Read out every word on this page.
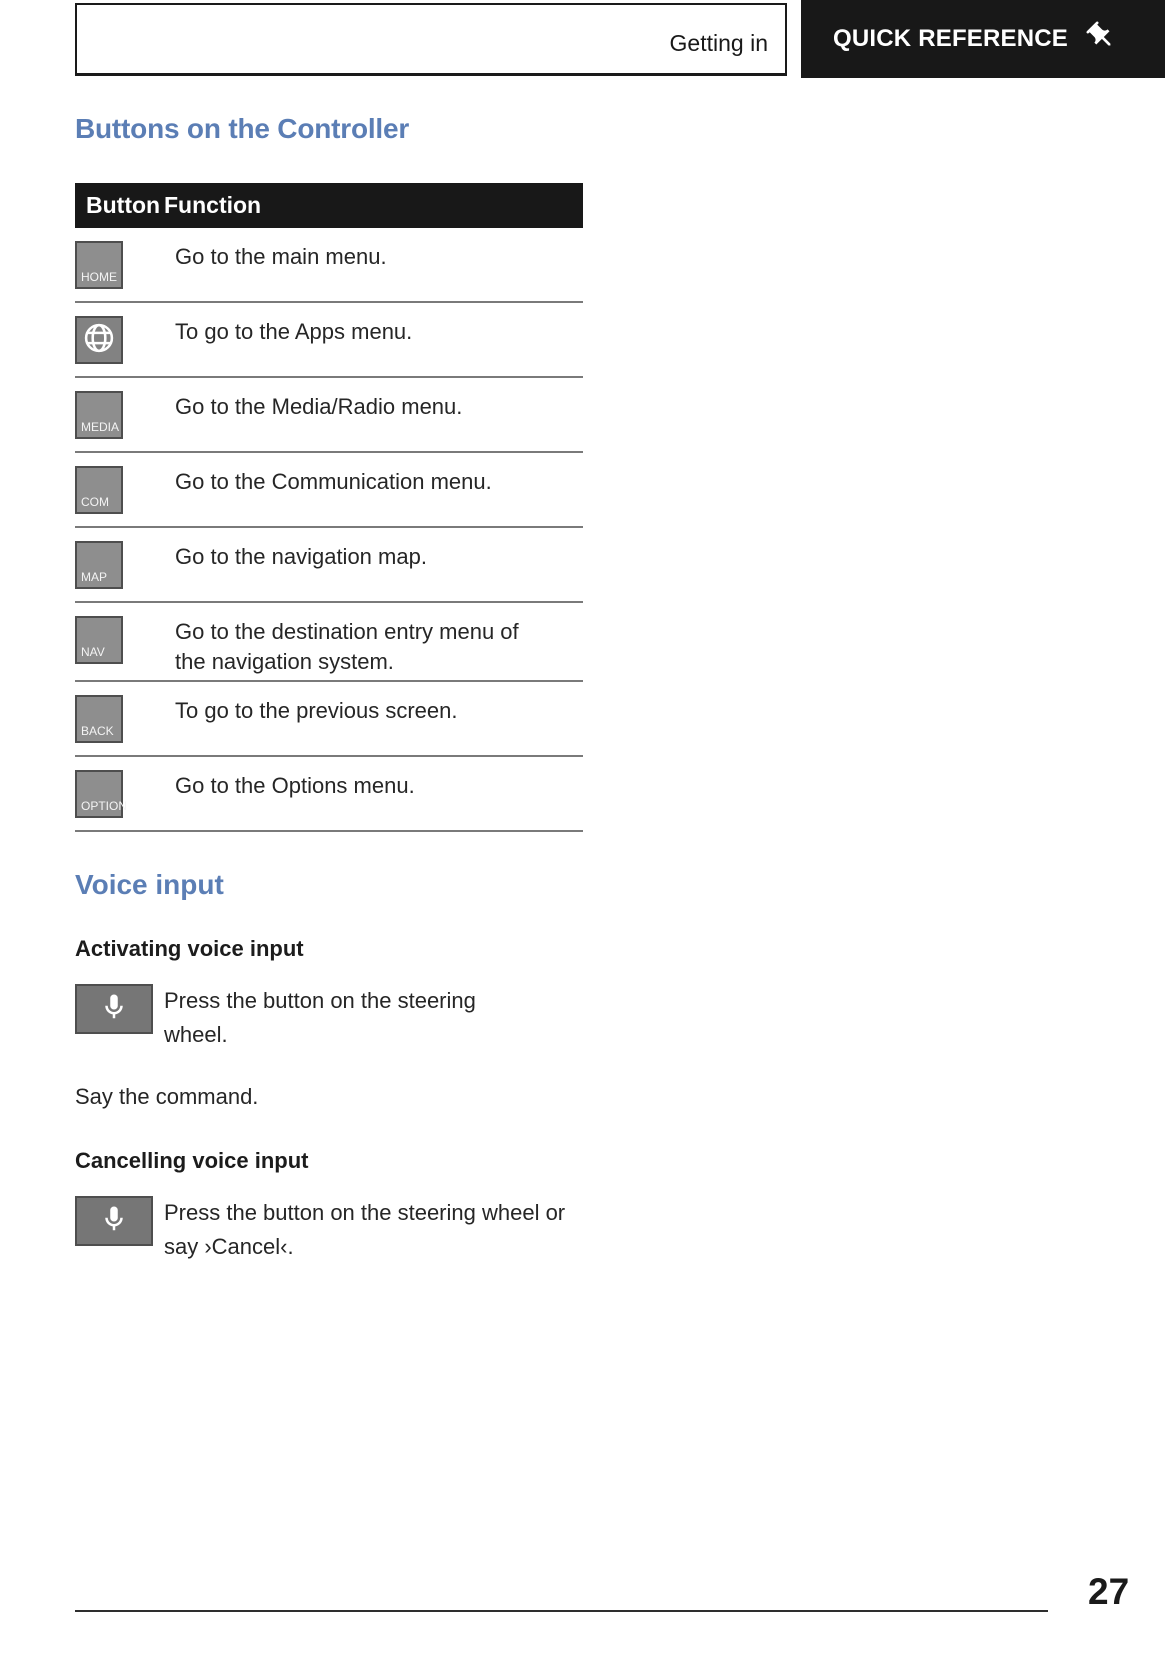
Getting in	QUICK REFERENCE
Buttons on the Controller
Button Function
HOME
Go to the main menu.
To go to the Apps menu.
MEDIA
Go to the Media/Radio menu.
COM
Go to the Communication menu.
MAP
Go to the navigation map.
NAV
Go to the destination entry menu of the navigation system.
BACK
To go to the previous screen.
OPTION
Go to the Options menu.
Voice input
Activating voice input

Press the button on the steering wheel.

Say the command.

Cancelling voice input

Press the button on the steering wheel or say ›Cancel‹.

27
